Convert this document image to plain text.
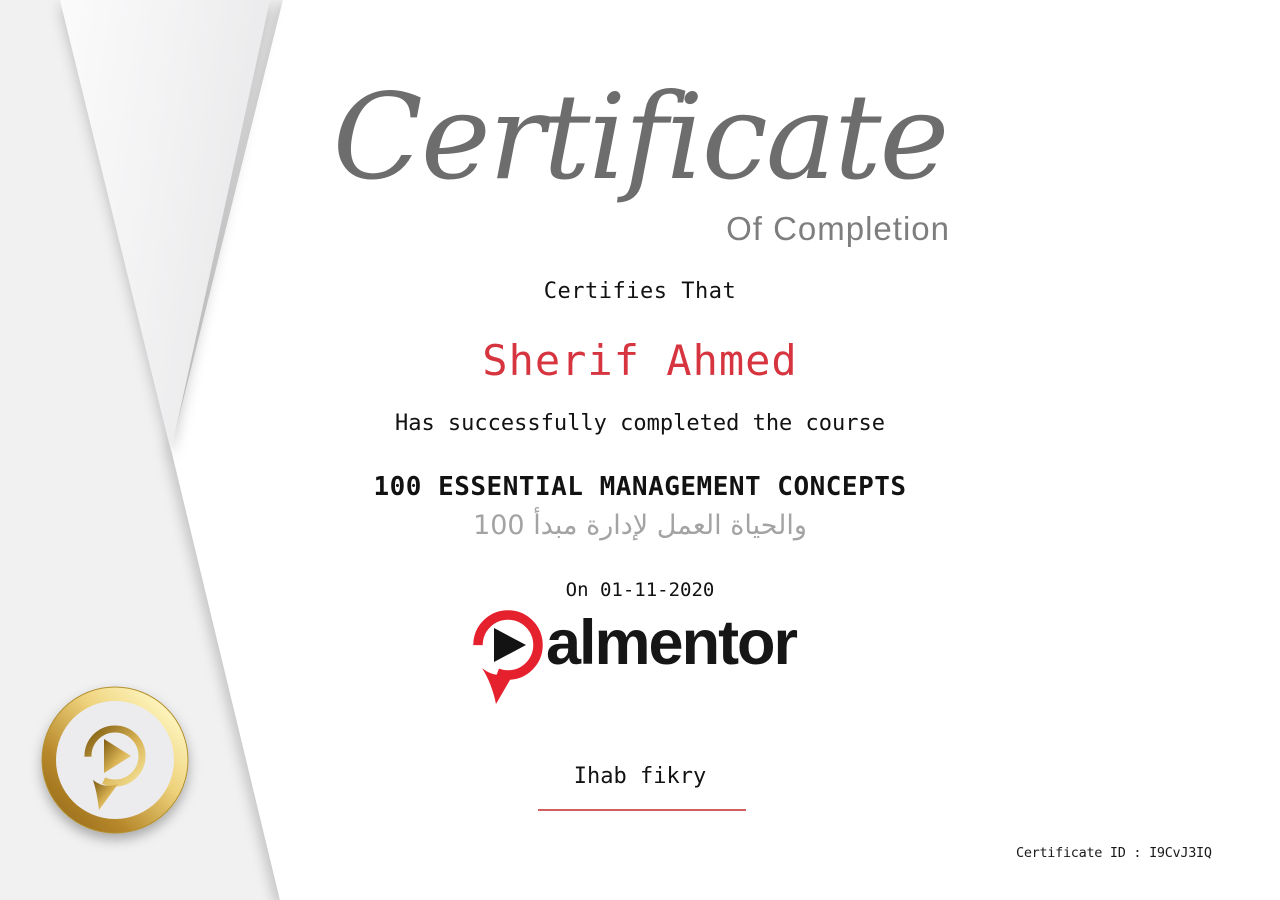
Certificate
Of Completion
Certifies That
Sherif Ahmed
Has successfully completed the course
100 ESSENTIAL MANAGEMENT CONCEPTS
100 مبدأ‎ لإدارة‎ العمل‎ والحياة
On 01-11-2020
almentor
Ihab fikry
Certificate ID : I9CvJ3IQ
